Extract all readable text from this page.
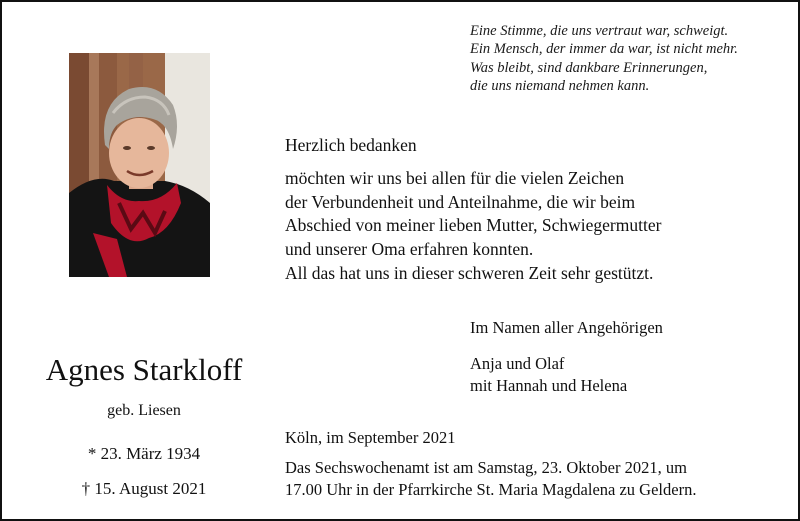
Eine Stimme, die uns vertraut war, schweigt.
Ein Mensch, der immer da war, ist nicht mehr.
Was bleibt, sind dankbare Erinnerungen,
die uns niemand nehmen kann.
Herzlich bedanken
möchten wir uns bei allen für die vielen Zeichen
der Verbundenheit und Anteilnahme, die wir beim
Abschied von meiner lieben Mutter, Schwiegermutter
und unserer Oma erfahren konnten.
All das hat uns in dieser schweren Zeit sehr gestützt.
Agnes Starkloff
geb. Liesen
* 23. März 1934
† 15. August 2021
Im Namen aller Angehörigen
Anja und Olaf
mit Hannah und Helena
Köln, im September 2021
Das Sechswochenamt ist am Samstag, 23. Oktober 2021, um
17.00 Uhr in der Pfarrkirche St. Maria Magdalena zu Geldern.
